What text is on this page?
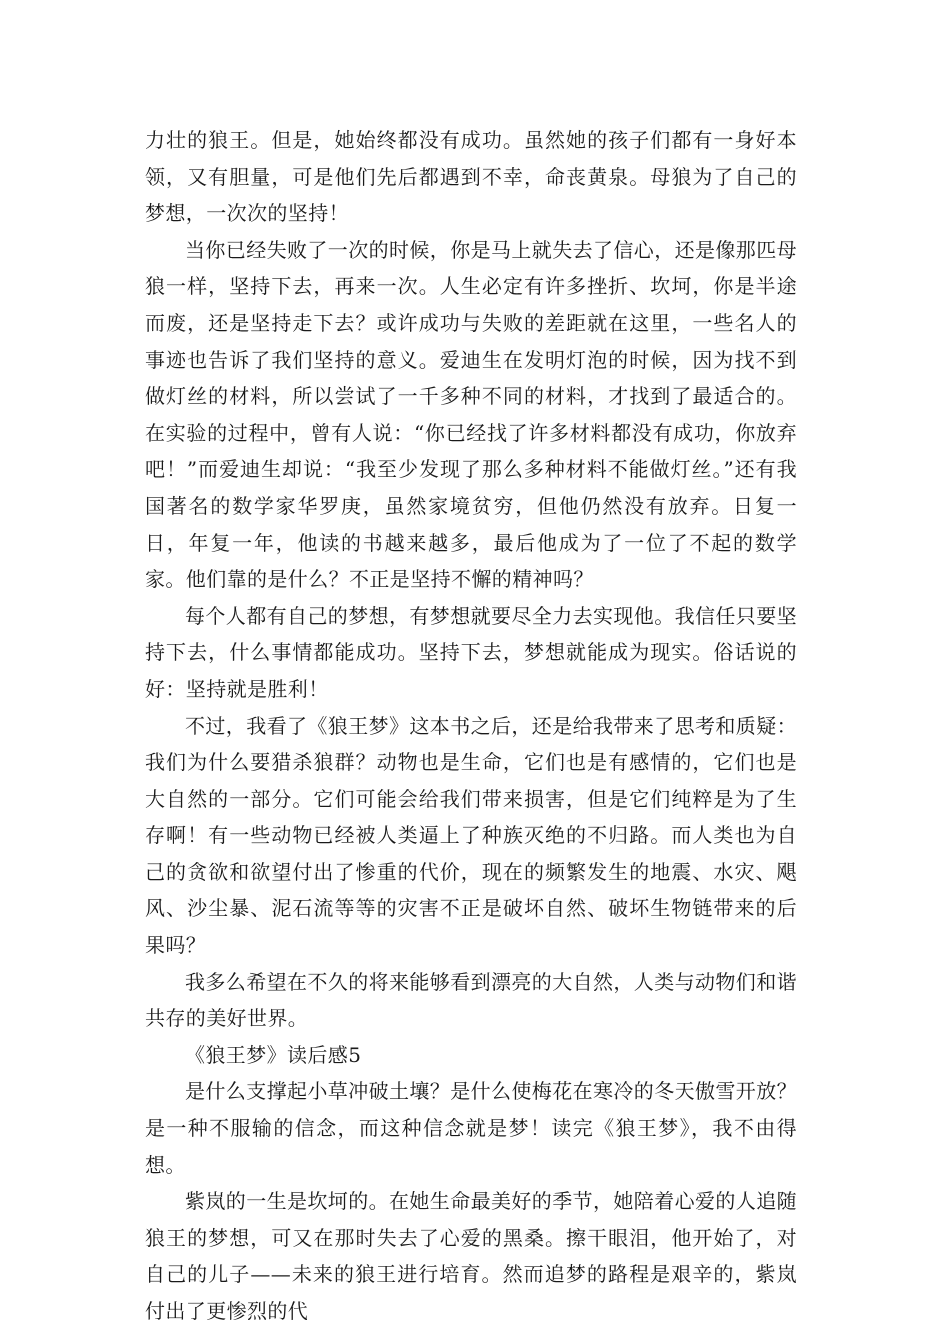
力壮的狼王。但是，她始终都没有成功。虽然她的孩子们都有一身好本领，又有胆量，可是他们先后都遇到不幸，命丧黄泉。母狼为了自己的梦想，一次次的坚持！

当你已经失败了一次的时候，你是马上就失去了信心，还是像那匹母狼一样，坚持下去，再来一次。人生必定有许多挫折、坎坷，你是半途而废，还是坚持走下去？或许成功与失败的差距就在这里，一些名人的事迹也告诉了我们坚持的意义。爱迪生在发明灯泡的时候，因为找不到做灯丝的材料，所以尝试了一千多种不同的材料，才找到了最适合的。在实验的过程中，曾有人说：“你已经找了许多材料都没有成功，你放弃吧！”而爱迪生却说：“我至少发现了那么多种材料不能做灯丝。”还有我国著名的数学家华罗庚，虽然家境贫穷，但他仍然没有放弃。日复一日，年复一年，他读的书越来越多，最后他成为了一位了不起的数学家。他们靠的是什么？不正是坚持不懈的精神吗？

每个人都有自己的梦想，有梦想就要尽全力去实现他。我信任只要坚持下去，什么事情都能成功。坚持下去，梦想就能成为现实。俗话说的好：坚持就是胜利！

不过，我看了《狼王梦》这本书之后，还是给我带来了思考和质疑：我们为什么要猎杀狼群？动物也是生命，它们也是有感情的，它们也是大自然的一部分。它们可能会给我们带来损害，但是它们纯粹是为了生存啊！有一些动物已经被人类逼上了种族灭绝的不归路。而人类也为自己的贪欲和欲望付出了惨重的代价，现在的频繁发生的地震、水灾、飓风、沙尘暴、泥石流等等的灾害不正是破坏自然、破坏生物链带来的后果吗？

我多么希望在不久的将来能够看到漂亮的大自然，人类与动物们和谐共存的美好世界。

《狼王梦》读后感5

是什么支撑起小草冲破土壤？是什么使梅花在寒冷的冬天傲雪开放？是一种不服输的信念，而这种信念就是梦！读完《狼王梦》，我不由得想。

紫岚的一生是坎坷的。在她生命最美好的季节，她陪着心爱的人追随狼王的梦想，可又在那时失去了心爱的黑桑。擦干眼泪，他开始了，对自己的儿子——未来的狼王进行培育。然而追梦的路程是艰辛的，紫岚付出了更惨烈的代
